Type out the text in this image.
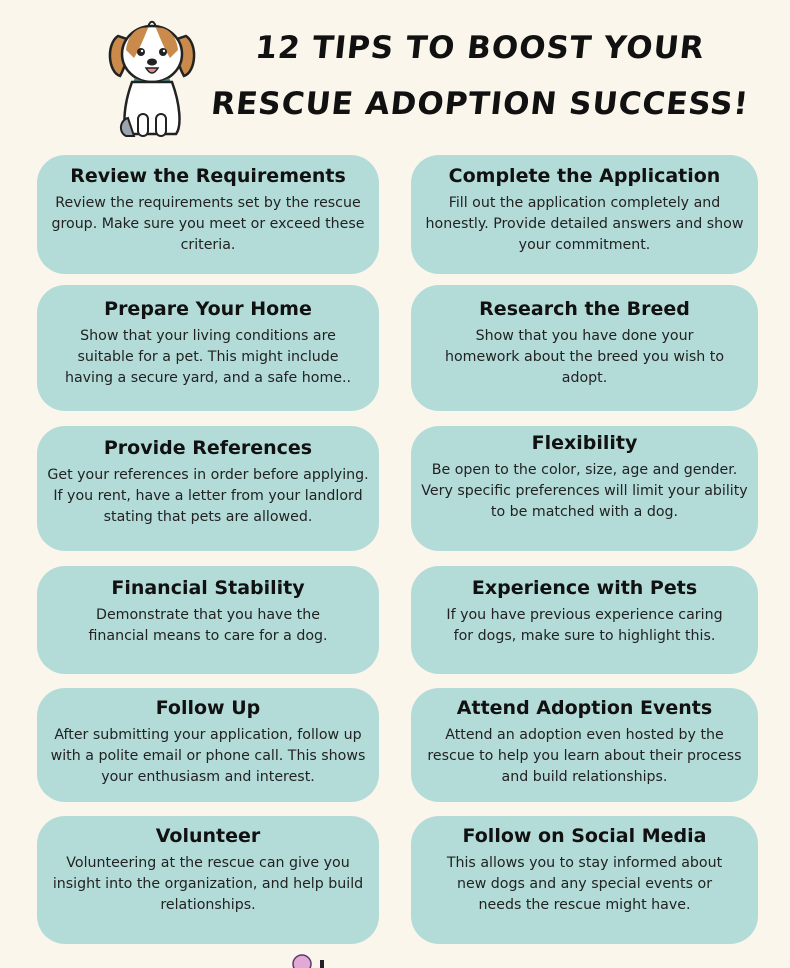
12 TIPS TO BOOST YOUR
RESCUE ADOPTION SUCCESS!
Review the Requirements
Review the requirements set by the rescue group. Make sure you meet or exceed these criteria.
Complete the Application
Fill out the application completely and honestly. Provide detailed answers and show your commitment.
Prepare Your Home
Show that your living conditions are suitable for a pet. This might include having a secure yard, and a safe home..
Research the Breed
Show that you have done your homework about the breed you wish to adopt.
Provide References
Get your references in order before applying. If you rent, have a letter from your landlord stating that pets are allowed.
Flexibility
Be open to the color, size, age and gender. Very specific preferences will limit your ability to be matched with a dog.
Financial Stability
Demonstrate that you have the financial means to care for a dog.
Experience with Pets
If you have previous experience caring for dogs, make sure to highlight this.
Follow Up
After submitting your application, follow up with a polite email or phone call. This shows your enthusiasm and interest.
Attend Adoption Events
Attend an adoption even hosted by the rescue to help you learn about their process and build relationships.
Volunteer
Volunteering at the rescue can give you insight into the organization, and help build relationships.
Follow on Social Media
This allows you to stay informed about new dogs and any special events or needs the rescue might have.
